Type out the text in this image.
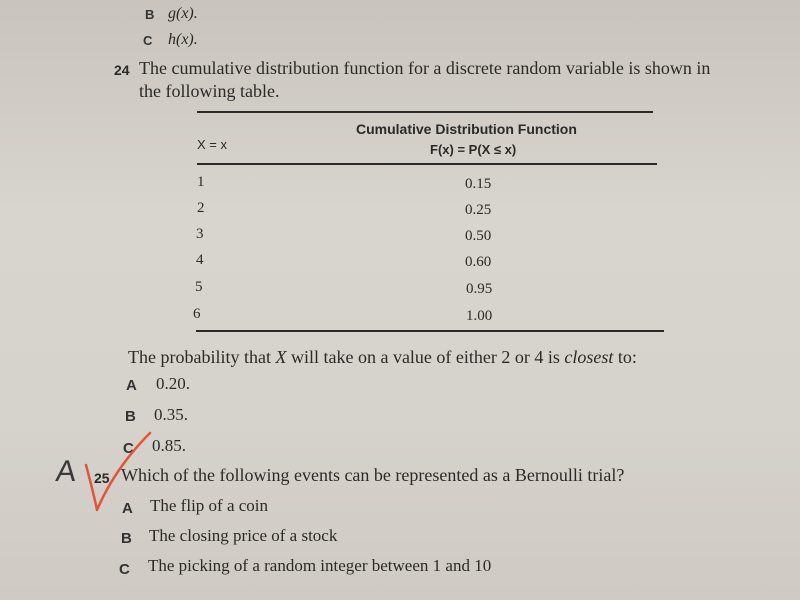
B g(x).
C h(x).
24 The cumulative distribution function for a discrete random variable is shown in
the following table.
X = x
Cumulative Distribution Function
F(x) = P(X ≤ x)
1	0.15
2	0.25
3	0.50
4	0.60
5	0.95
6	1.00
The probability that X will take on a value of either 2 or 4 is closest to:
A 0.20.
B 0.35.
C 0.85.
25 Which of the following events can be represented as a Bernoulli trial?
A The flip of a coin
B The closing price of a stock
C The picking of a random integer between 1 and 10
A
